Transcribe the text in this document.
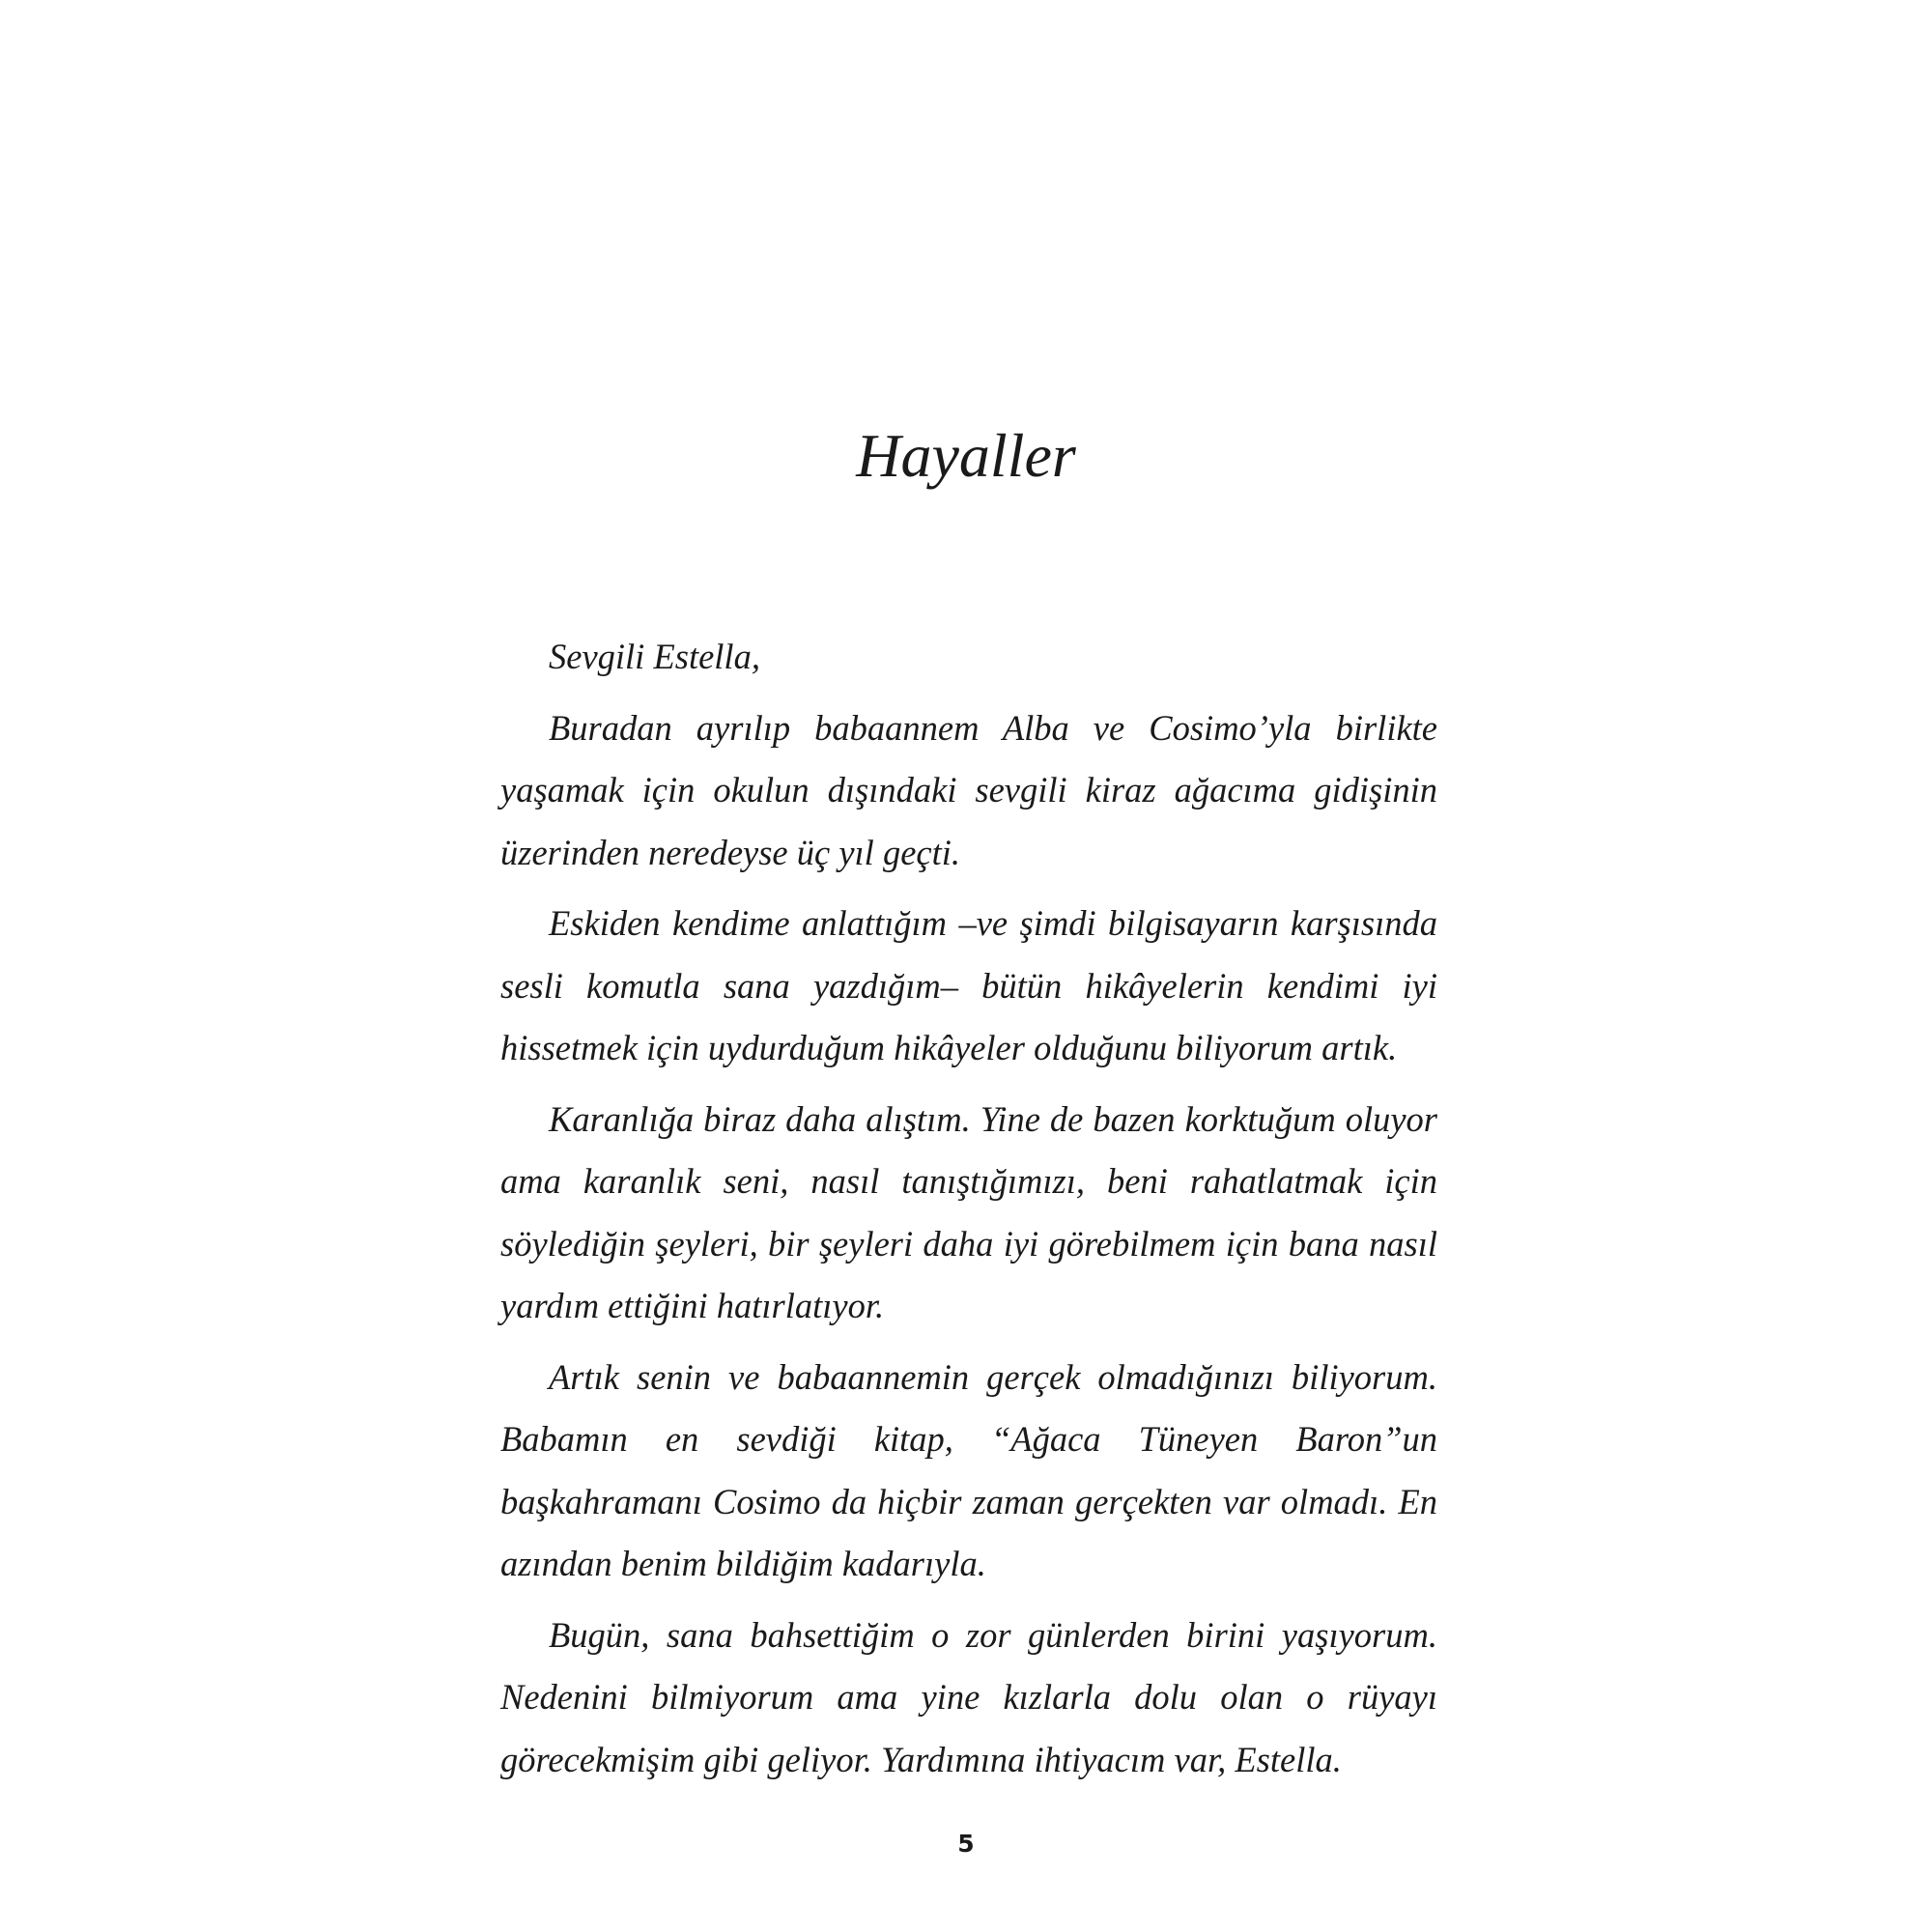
Hayaller

Sevgili Estella,

Buradan ayrılıp babaannem Alba ve Cosimo’yla birlikte yaşamak için okulun dışındaki sevgili kiraz ağacıma gidişinin üzerinden neredeyse üç yıl geçti.

Eskiden kendime anlattığım –ve şimdi bilgisayarın karşısında sesli komutla sana yazdığım– bütün hikâyelerin kendimi iyi hissetmek için uydurduğum hikâyeler olduğunu biliyorum artık.

Karanlığa biraz daha alıştım. Yine de bazen korktuğum oluyor ama karanlık seni, nasıl tanıştığımızı, beni rahatlatmak için söylediğin şeyleri, bir şeyleri daha iyi görebilmem için bana nasıl yardım ettiğini hatırlatıyor.

Artık senin ve babaannemin gerçek olmadığınızı biliyorum. Babamın en sevdiği kitap, “Ağaca Tüneyen Baron”un başkahramanı Cosimo da hiçbir zaman gerçekten var olmadı. En azından benim bildiğim kadarıyla.

Bugün, sana bahsettiğim o zor günlerden birini yaşıyorum. Nedenini bilmiyorum ama yine kızlarla dolu olan o rüyayı görecekmişim gibi geliyor. Yardımına ihtiyacım var, Estella.

5
